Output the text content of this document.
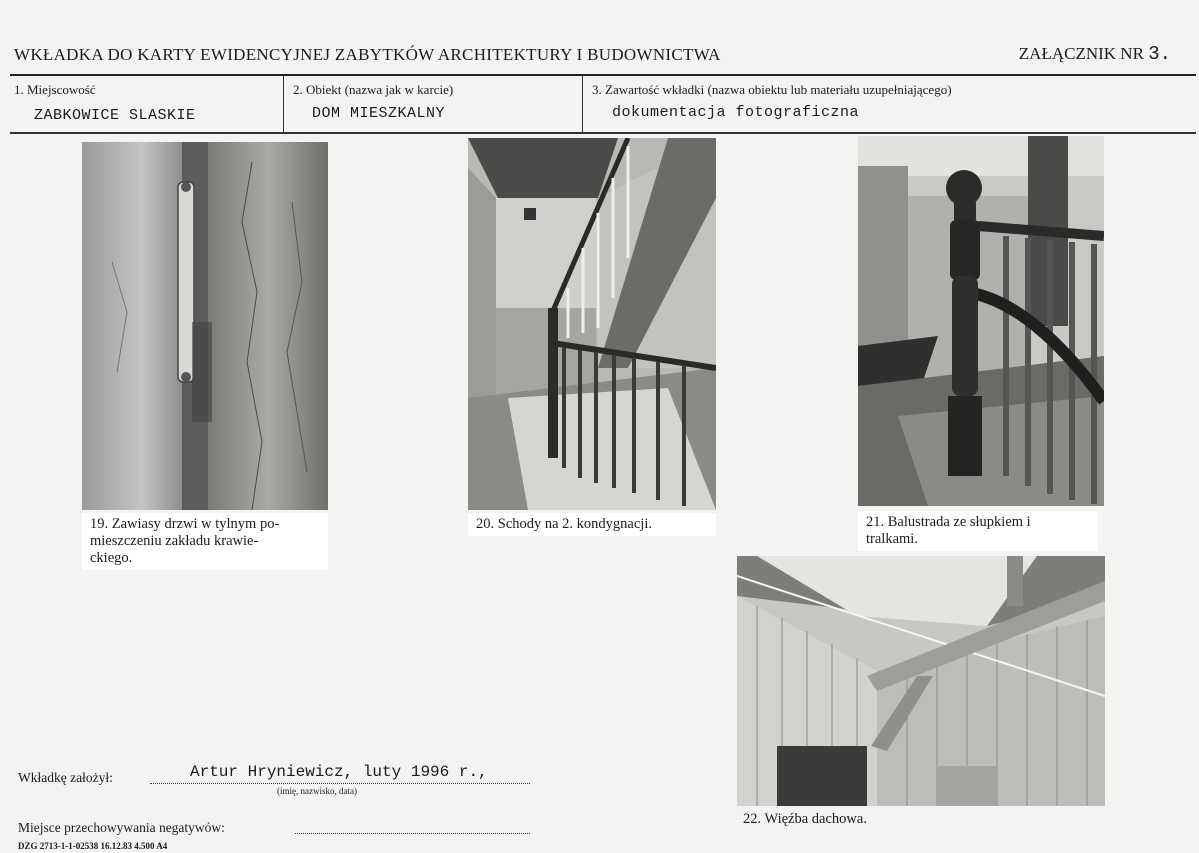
WKŁADKA DO KARTY EWIDENCYJNEJ ZABYTKÓW ARCHITEKTURY I BUDOWNICTWA	ZAŁĄCZNIK NR 3.
1. Miejscowość
ZABKOWICE SLASKIE
2. Obiekt (nazwa jak w karcie)
DOM MIESZKALNY
3. Zawartość wkładki (nazwa obiektu lub materiału uzupełniającego)
dokumentacja fotograficzna
19. Zawiasy drzwi w tylnym po-
mieszczeniu zakładu krawie-
ckiego.
20. Schody na 2. kondygnacji.	21. Balustrada ze słupkiem i
tralkami.
22. Więźba dachowa.
Wkładkę założył:	Artur Hryniewicz, luty 1996 r.,
(imię, nazwisko, data)
Miejsce przechowywania negatywów:
DZG 2713-1-1-02538 16.12.83 4.500 A4
